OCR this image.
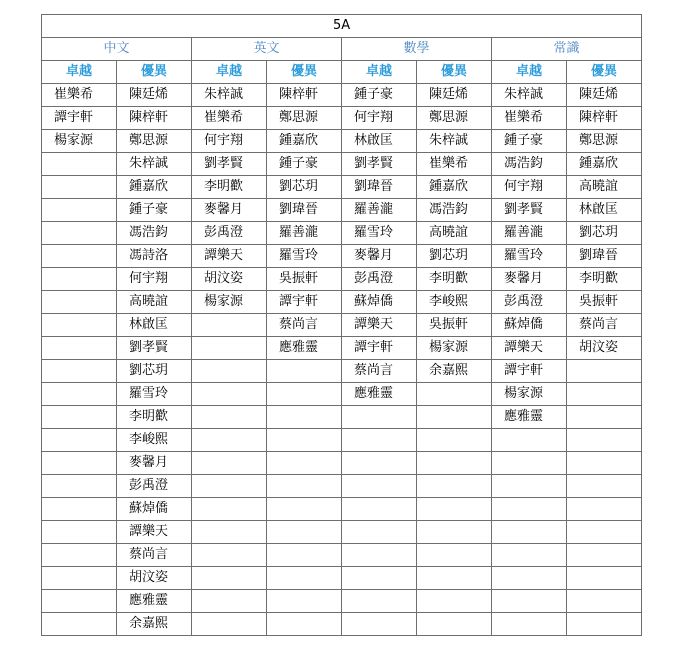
5A							
中文		英文		數學		常識	
卓越	優異	卓越	優異	卓越	優異	卓越	優異
崔樂希	陳廷烯	朱梓誠	陳梓軒	鍾子豪	陳廷烯	朱梓誠	陳廷烯
譚宇軒	陳梓軒	崔樂希	鄭思源	何宇翔	鄭思源	崔樂希	陳梓軒
楊家源	鄭思源	何宇翔	鍾嘉欣	林啟匡	朱梓誠	鍾子豪	鄭思源
	朱梓誠	劉孝賢	鍾子豪	劉孝賢	崔樂希	馮浩鈞	鍾嘉欣
	鍾嘉欣	李明歡	劉芯玥	劉瑋晉	鍾嘉欣	何宇翔	高曉誼
	鍾子豪	麥馨月	劉瑋晉	羅善瀧	馮浩鈞	劉孝賢	林啟匡
	馮浩鈞	彭禹澄	羅善瀧	羅雪玲	高曉誼	羅善瀧	劉芯玥
	馮詩洛	譚樂天	羅雪玲	麥馨月	劉芯玥	羅雪玲	劉瑋晉
	何宇翔	胡汶姿	吳振軒	彭禹澄	李明歡	麥馨月	李明歡
	高曉誼	楊家源	譚宇軒	蘇焯僑	李峻熙	彭禹澄	吳振軒
	林啟匡		蔡尚言	譚樂天	吳振軒	蘇焯僑	蔡尚言
	劉孝賢		應雅靈	譚宇軒	楊家源	譚樂天	胡汶姿
	劉芯玥			蔡尚言	余嘉熙	譚宇軒	
	羅雪玲			應雅靈		楊家源	
	李明歡					應雅靈	
	李峻熙						
	麥馨月						
	彭禹澄						
	蘇焯僑						
	譚樂天						
	蔡尚言						
	胡汶姿						
	應雅靈						
	余嘉熙						
